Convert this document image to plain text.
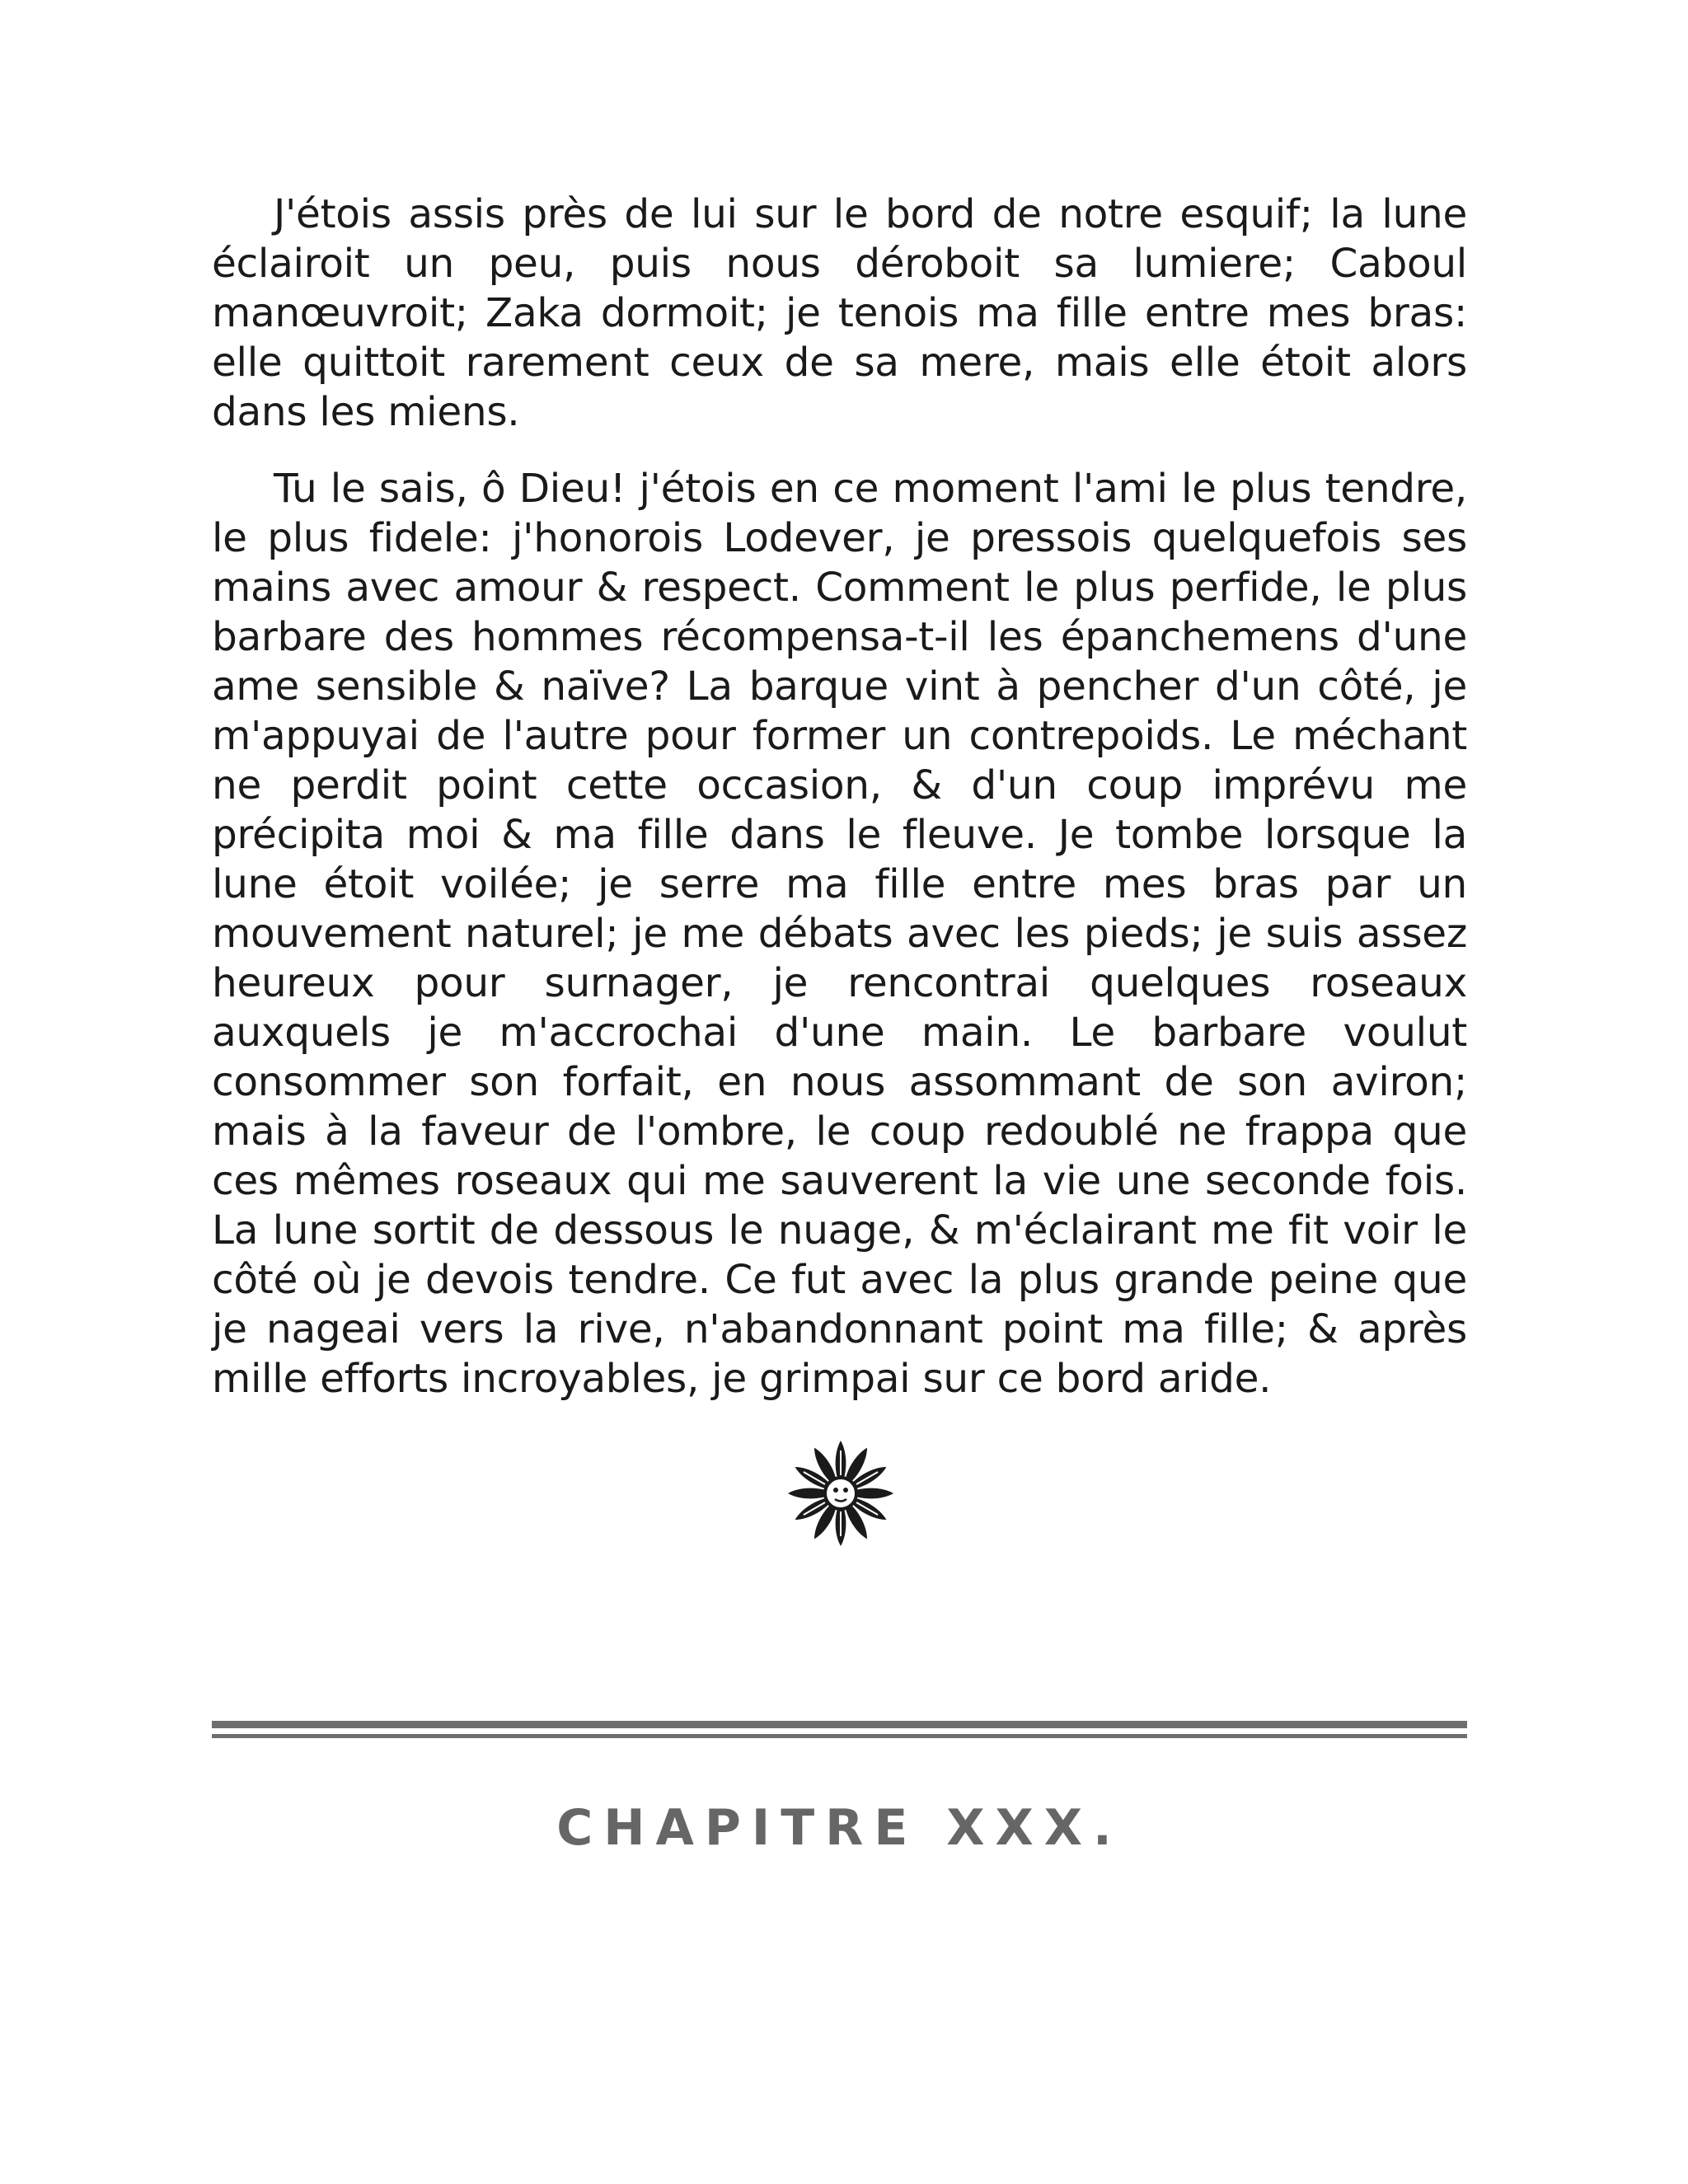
J'étois assis près de lui sur le bord de notre esquif; la lune éclairoit un peu, puis nous déroboit sa lumiere; Caboul manœuvroit; Zaka dormoit; je tenois ma fille entre mes bras: elle quittoit rarement ceux de sa mere, mais elle étoit alors dans les miens.

Tu le sais, ô Dieu! j'étois en ce moment l'ami le plus tendre, le plus fidele: j'honorois Lodever, je pressois quelquefois ses mains avec amour & respect. Comment le plus perfide, le plus barbare des hommes récompensa-t-il les épanchemens d'une ame sensible & naïve? La barque vint à pencher d'un côté, je m'appuyai de l'autre pour former un contrepoids. Le méchant ne perdit point cette occasion, & d'un coup imprévu me précipita moi & ma fille dans le fleuve. Je tombe lorsque la lune étoit voilée; je serre ma fille entre mes bras par un mouvement naturel; je me débats avec les pieds; je suis assez heureux pour surnager, je rencontrai quelques roseaux auxquels je m'accrochai d'une main. Le barbare voulut consommer son forfait, en nous assommant de son aviron; mais à la faveur de l'ombre, le coup redoublé ne frappa que ces mêmes roseaux qui me sauverent la vie une seconde fois. La lune sortit de dessous le nuage, & m'éclairant me fit voir le côté où je devois tendre. Ce fut avec la plus grande peine que je nageai vers la rive, n'abandonnant point ma fille; & après mille efforts incroyables, je grimpai sur ce bord aride.

CHAPITRE XXX.
